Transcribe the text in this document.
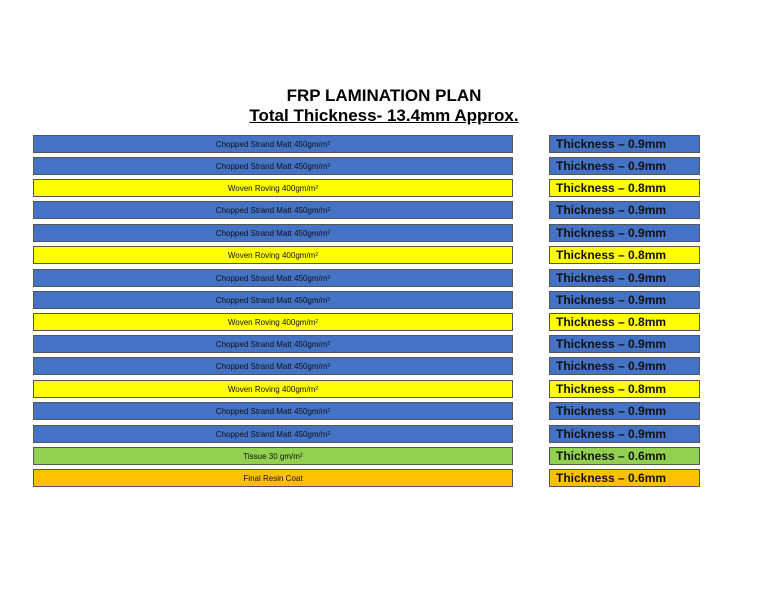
FRP LAMINATION PLAN
Total Thickness- 13.4mm Approx.
Chopped Strand Matt 450gm/m 2	Thickness – 0.9mm
Chopped Strand Matt 450gm/m 2	Thickness – 0.9mm
Woven Roving 400gm/m 2	Thickness – 0.8mm
Chopped Strand Matt 450gm/m 2	Thickness – 0.9mm
Chopped Strand Matt 450gm/m 2	Thickness – 0.9mm
Woven Roving 400gm/m 2	Thickness – 0.8mm
Chopped Strand Matt 450gm/m 2	Thickness – 0.9mm
Chopped Strand Matt 450gm/m 2	Thickness – 0.9mm
Woven Roving 400gm/m 2	Thickness – 0.8mm
Chopped Strand Matt 450gm/m 2	Thickness – 0.9mm
Chopped Strand Matt 450gm/m 2	Thickness – 0.9mm
Woven Roving 400gm/m 2	Thickness – 0.8mm
Chopped Strand Matt 450gm/m 2	Thickness – 0.9mm
Chopped Strand Matt 450gm/m 2	Thickness – 0.9mm
Tissue 30 gm/m 2	Thickness – 0.6mm
Final Resin Coat	Thickness – 0.6mm
